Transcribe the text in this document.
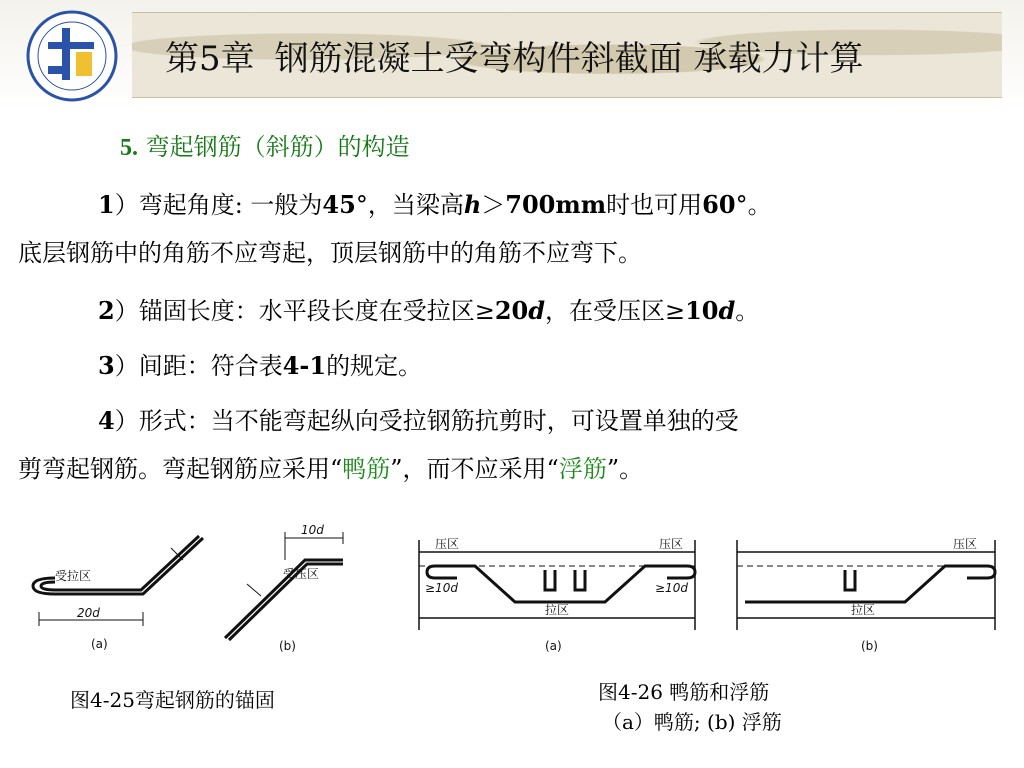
第5章 钢筋混凝土受弯构件斜截面 承载力计算
5. 弯起钢筋（斜筋）的构造
1）弯起角度: 一般为45°，当梁高h＞700mm时也可用60°。
底层钢筋中的角筋不应弯起，顶层钢筋中的角筋不应弯下。
2）锚固长度：水平段长度在受拉区≥20d，在受压区≥10d。
3）间距：符合表4-1的规定。
4）形式：当不能弯起纵向受拉钢筋抗剪时，可设置单独的受
剪弯起钢筋。弯起钢筋应采用“鸭筋”，而不应采用“浮筋”。
受拉区	受压区
20d
10d
(a)	(b)
压区	压区
≥10d	≥10d
拉区
(a)
压区
拉区
(b)
图4-25弯起钢筋的锚固	图4-26 鸭筋和浮筋
（a）鸭筋; (b) 浮筋
